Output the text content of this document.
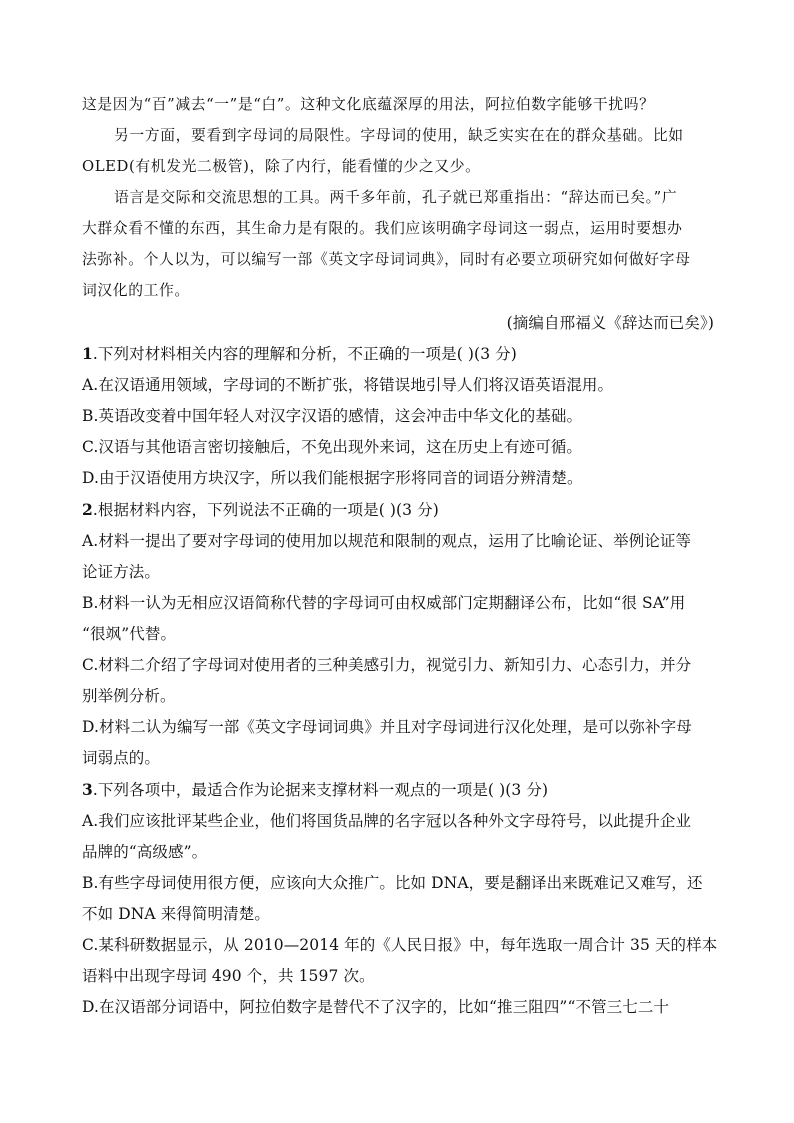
这是因为“百”减去“一”是“白”。这种文化底蕴深厚的用法，阿拉伯数字能够干扰吗？
另一方面，要看到字母词的局限性。字母词的使用，缺乏实实在在的群众基础。比如
OLED(有机发光二极管)，除了内行，能看懂的少之又少。
语言是交际和交流思想的工具。两千多年前，孔子就已郑重指出：“辞达而已矣。”广
大群众看不懂的东西，其生命力是有限的。我们应该明确字母词这一弱点，运用时要想办
法弥补。个人以为，可以编写一部《英文字母词词典》，同时有必要立项研究如何做好字母
词汉化的工作。
(摘编自邢福义《辞达而已矣》)
1.下列对材料相关内容的理解和分析，不正确的一项是( )(3 分)
A.在汉语通用领域，字母词的不断扩张，将错误地引导人们将汉语英语混用。
B.英语改变着中国年轻人对汉字汉语的感情，这会冲击中华文化的基础。
C.汉语与其他语言密切接触后，不免出现外来词，这在历史上有迹可循。
D.由于汉语使用方块汉字，所以我们能根据字形将同音的词语分辨清楚。
2.根据材料内容，下列说法不正确的一项是( )(3 分)
A.材料一提出了要对字母词的使用加以规范和限制的观点，运用了比喻论证、举例论证等
论证方法。
B.材料一认为无相应汉语简称代替的字母词可由权威部门定期翻译公布，比如“很 SA”用
“很飒”代替。
C.材料二介绍了字母词对使用者的三种美感引力，视觉引力、新知引力、心态引力，并分
别举例分析。
D.材料二认为编写一部《英文字母词词典》并且对字母词进行汉化处理，是可以弥补字母
词弱点的。
3.下列各项中，最适合作为论据来支撑材料一观点的一项是( )(3 分)
A.我们应该批评某些企业，他们将国货品牌的名字冠以各种外文字母符号，以此提升企业
品牌的“高级感”。
B.有些字母词使用很方便，应该向大众推广。比如 DNA，要是翻译出来既难记又难写，还
不如 DNA 来得简明清楚。
C.某科研数据显示，从 2010—2014 年的《人民日报》中，每年选取一周合计 35 天的样本
语料中出现字母词 490 个，共 1597 次。
D.在汉语部分词语中，阿拉伯数字是替代不了汉字的，比如“推三阻四”“不管三七二十
